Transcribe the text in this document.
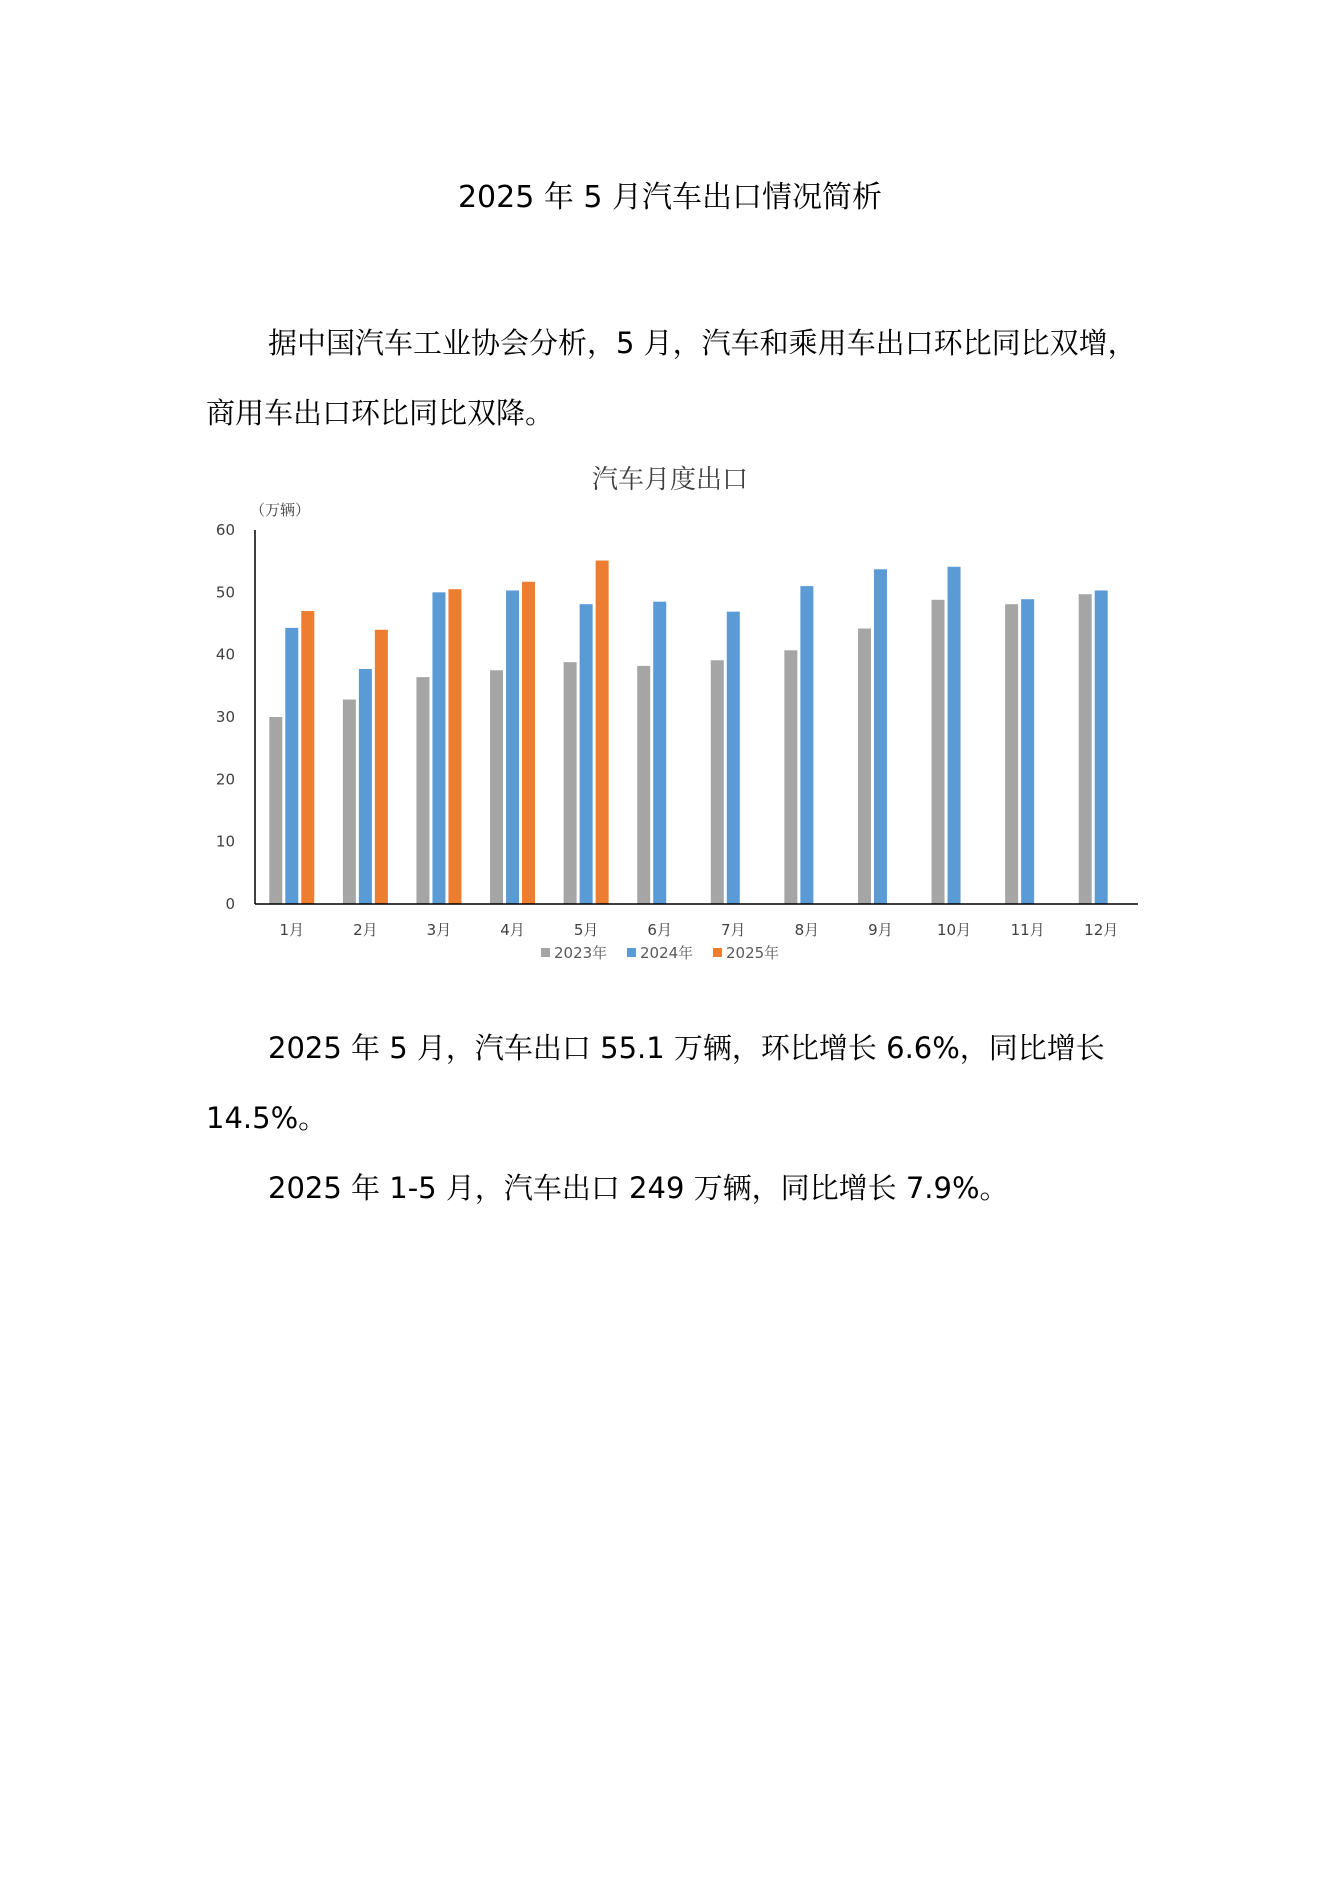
2025 年 5 月汽车出口情况简析

据中国汽车工业协会分析，5 月，汽车和乘用车出口环比同比双增，商用车出口环比同比双降。

汽车月度出口
（万辆）
0
10
20
30
40
50
60
1月	2月	3月	4月	5月	6月	7月	8月	9月	10月	11月	12月
2023年 2024年 2025年

2025 年 5 月，汽车出口 55.1 万辆，环比增长 6.6%，同比增长 14.5%。

2025 年 1-5 月，汽车出口 249 万辆，同比增长 7.9%。
